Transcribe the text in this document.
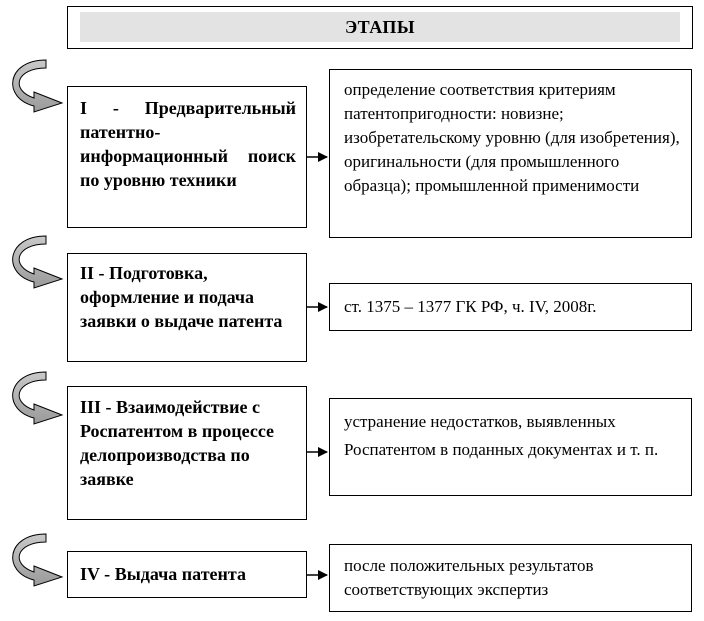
ЭТАПЫ
I - Предварительный патентно-информационный поиск по уровню техники
определение соответствия критериям патентопригодности: новизне; изобретательскому уровню (для изобретения), оригинальности (для промышленного образца); промышленной применимости
II - Подготовка, оформление и подача заявки о выдаче патента
ст. 1375 – 1377 ГК РФ, ч. IV, 2008г.
III - Взаимодействие с Роспатентом в процессе делопроизводства по заявке
устранение недостатков, выявленных Роспатентом в поданных документах и т. п.
IV - Выдача патента	после положительных результатов соответствующих экспертиз
